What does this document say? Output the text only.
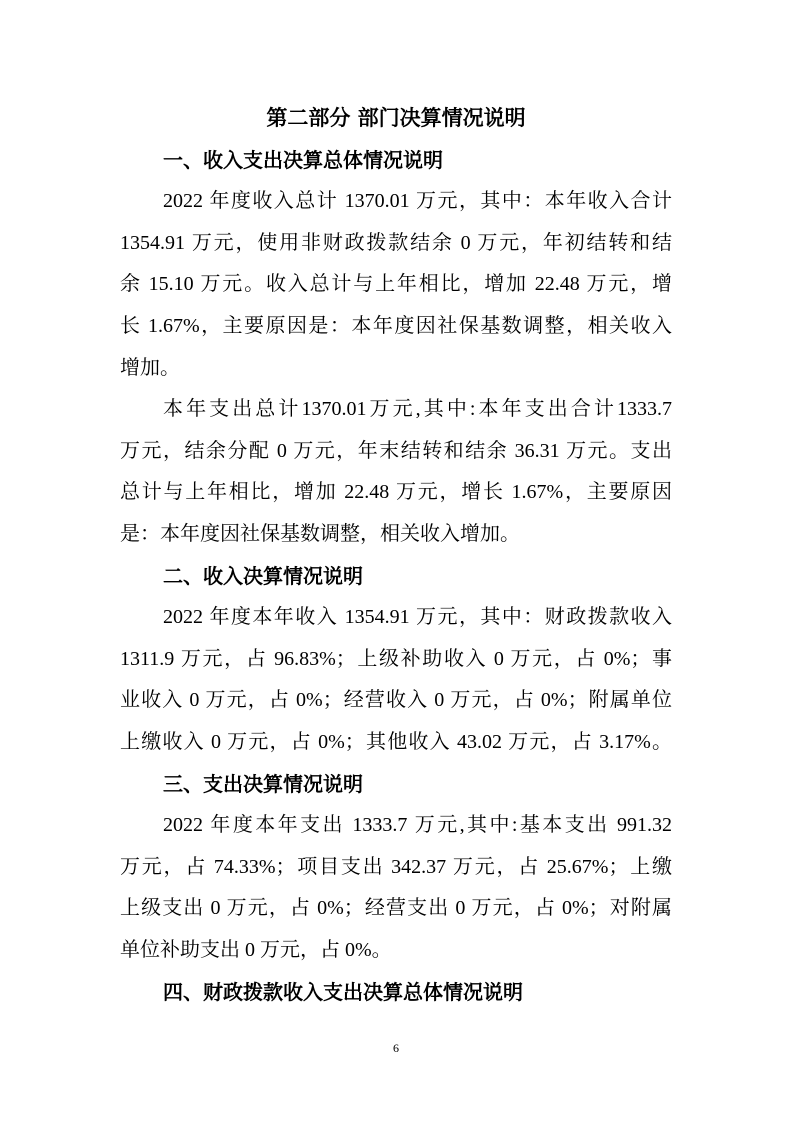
第二部分 部门决算情况说明
一、收入支出决算总体情况说明
2022 年度收入总计 1370.01 万元，其中：本年收入合计
1354.91 万元，使用非财政拨款结余 0 万元，年初结转和结
余 15.10 万元。收入总计与上年相比，增加 22.48 万元，增
长 1.67%，主要原因是：本年度因社保基数调整，相关收入
增加。
本年支出总计1370.01万元,其中:本年支出合计1333.7
万元，结余分配 0 万元，年末结转和结余 36.31 万元。支出
总计与上年相比，增加 22.48 万元，增长 1.67%，主要原因
是：本年度因社保基数调整，相关收入增加。
二、收入决算情况说明
2022 年度本年收入 1354.91 万元，其中：财政拨款收入
1311.9 万元，占 96.83%；上级补助收入 0 万元，占 0%；事
业收入 0 万元，占 0%；经营收入 0 万元，占 0%；附属单位
上缴收入 0 万元，占 0%；其他收入 43.02 万元，占 3.17%。
三、支出决算情况说明
2022 年度本年支出 1333.7 万元,其中:基本支出 991.32
万元，占 74.33%；项目支出 342.37 万元，占 25.67%；上缴
上级支出 0 万元，占 0%；经营支出 0 万元，占 0%；对附属
单位补助支出 0 万元，占 0%。
四、财政拨款收入支出决算总体情况说明
6
